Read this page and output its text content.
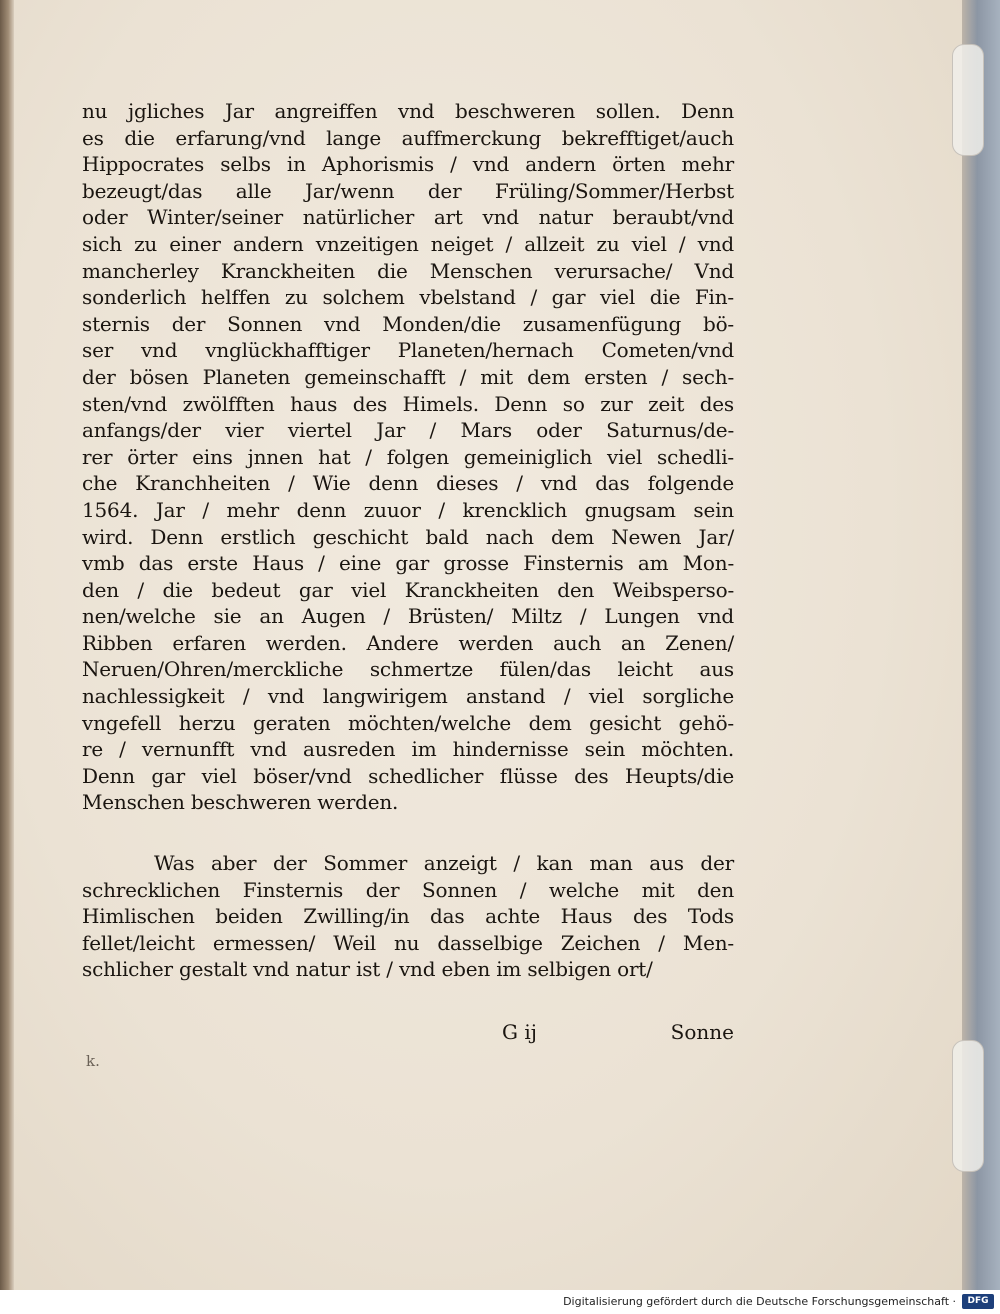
nu jgliches Jar angreiffen vnd beschweren sollen. Denn
es die erfarung/vnd lange auffmerckung bekrefftiget/auch
Hippocrates selbs in Aphorismis / vnd andern örten mehr
bezeugt/das alle Jar/wenn der Früling/Sommer/Herbst
oder Winter/seiner natürlicher art vnd natur beraubt/vnd
sich zu einer andern vnzeitigen neiget / allzeit zu viel / vnd
mancherley Kranckheiten die Menschen verursache/ Vnd
sonderlich helffen zu solchem vbelstand / gar viel die Fin-
sternis der Sonnen vnd Monden/die zusamenfügung bö-
ser vnd vnglückhafftiger Planeten/hernach Cometen/vnd
der bösen Planeten gemeinschafft / mit dem ersten / sech-
sten/vnd zwölfften haus des Himels. Denn so zur zeit des
anfangs/der vier viertel Jar / Mars oder Saturnus/de-
rer örter eins jnnen hat / folgen gemeiniglich viel schedli-
che Kranchheiten / Wie denn dieses / vnd das folgende
1564. Jar / mehr denn zuuor / krencklich gnugsam sein
wird. Denn erstlich geschicht bald nach dem Newen Jar/
vmb das erste Haus / eine gar grosse Finsternis am Mon-
den / die bedeut gar viel Kranckheiten den Weibsperso-
nen/welche sie an Augen / Brüsten/ Miltz / Lungen vnd
Ribben erfaren werden. Andere werden auch an Zenen/
Neruen/Ohren/merckliche schmertze fülen/das leicht aus
nachlessigkeit / vnd langwirigem anstand / viel sorgliche
vngefell herzu geraten möchten/welche dem gesicht gehö-
re / vernunfft vnd ausreden im hindernisse sein möchten.
Denn gar viel böser/vnd schedlicher flüsse des Heupts/die
Menschen beschweren werden.
Was aber der Sommer anzeigt / kan man aus der
schrecklichen Finsternis der Sonnen / welche mit den
Himlischen beiden Zwilling/in das achte Haus des Tods
fellet/leicht ermessen/ Weil nu dasselbige Zeichen / Men-
schlicher gestalt vnd natur ist / vnd eben im selbigen ort/
G ij	Sonne
k.
Digitalisierung gefördert durch die Deutsche Forschungsgemeinschaft ·	DFG
